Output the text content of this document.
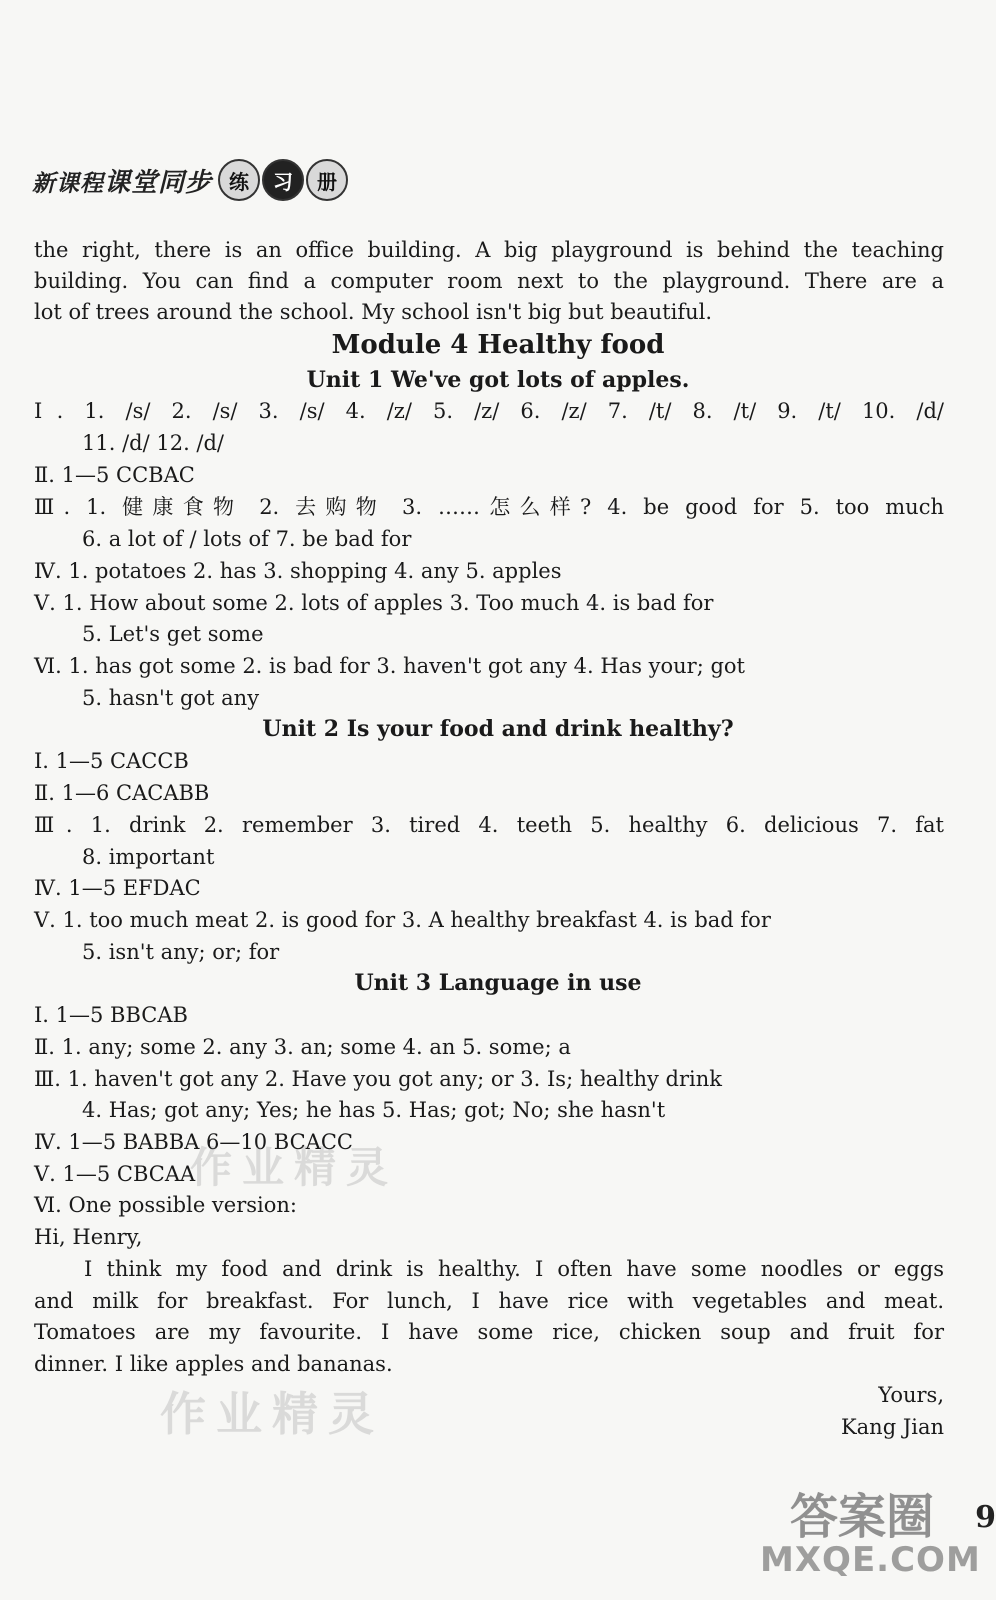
新课程课堂同步 练	习	册
the right, there is an office building. A big playground is behind the teaching
building. You can find a computer room next to the playground. There are a
lot of trees around the school. My school isn't big but beautiful.
Module 4 Healthy food
Unit 1 We've got lots of apples.
Ⅰ. 1. /s/ 2. /s/ 3. /s/ 4. /z/ 5. /z/ 6. /z/ 7. /t/ 8. /t/ 9. /t/ 10. /d/
11. /d/ 12. /d/
Ⅱ. 1—5 CCBAC
Ⅲ. 1. 健康食物 2. 去购物 3. ……怎么样? 4. be good for 5. too much
6. a lot of / lots of 7. be bad for
Ⅳ. 1. potatoes 2. has 3. shopping 4. any 5. apples
Ⅴ. 1. How about some 2. lots of apples 3. Too much 4. is bad for
5. Let's get some
Ⅵ. 1. has got some 2. is bad for 3. haven't got any 4. Has your; got
5. hasn't got any
Unit 2 Is your food and drink healthy?
Ⅰ. 1—5 CACCB
Ⅱ. 1—6 CACABB
Ⅲ. 1. drink 2. remember 3. tired 4. teeth 5. healthy 6. delicious 7. fat
8. important
Ⅳ. 1—5 EFDAC
Ⅴ. 1. too much meat 2. is good for 3. A healthy breakfast 4. is bad for
5. isn't any; or; for
Unit 3 Language in use
Ⅰ. 1—5 BBCAB
Ⅱ. 1. any; some 2. any 3. an; some 4. an 5. some; a
Ⅲ. 1. haven't got any 2. Have you got any; or 3. Is; healthy drink
4. Has; got any; Yes; he has 5. Has; got; No; she hasn't
Ⅳ. 1—5 BABBA 6—10 BCACC
Ⅴ. 1—5 CBCAA
Ⅵ. One possible version:
Hi, Henry,
I think my food and drink is healthy. I often have some noodles or eggs
and milk for breakfast. For lunch, I have rice with vegetables and meat.
Tomatoes are my favourite. I have some rice, chicken soup and fruit for
dinner. I like apples and bananas.
Yours,
Kang Jian
作业精灵
作业精灵
答案圈
MXQE.COM
9
